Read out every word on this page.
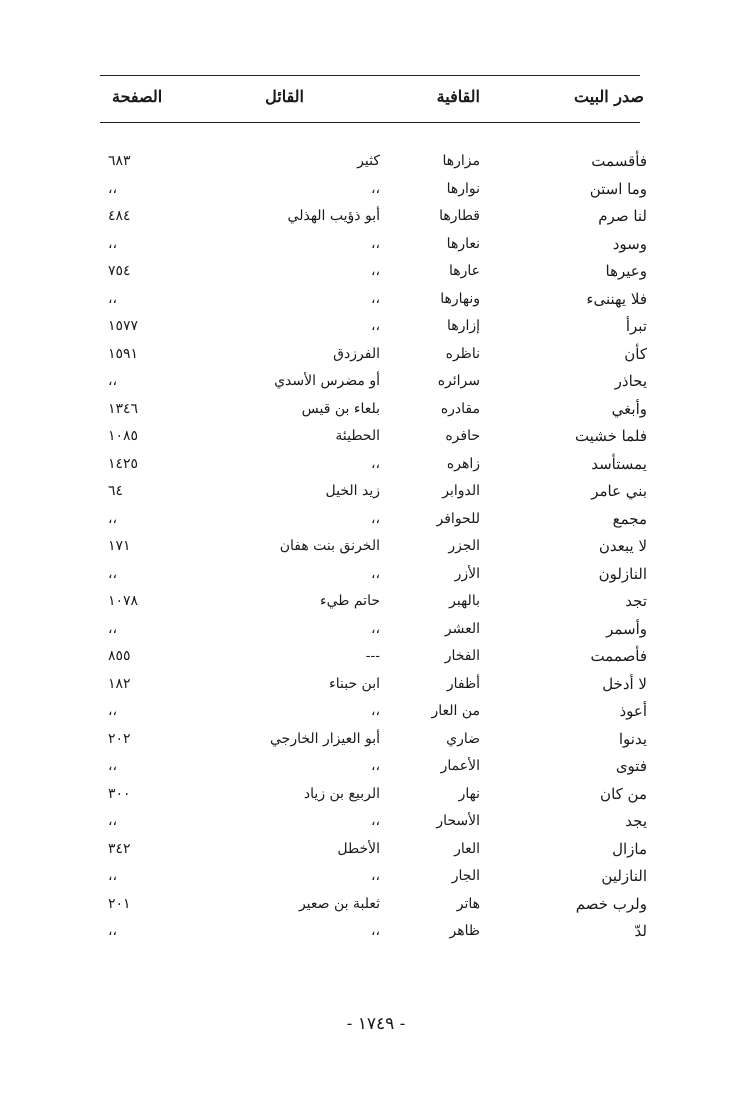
صدر البيت
القافية
القائل
الصفحة
فأقسمت
مزارها
كثير
٦٨٣
وما استن
نوارها
،،
،،
لنا صرم
قطارها
أبو ذؤيب الهذلي
٤٨٤
وسود
نعارها
،،
،،
وعيرها
عارها
،،
٧٥٤
فلا يهننىء
ونهارها
،،
،،
تبرأ
إزارها
،،
١٥٧٧
كأن
ناظره
الفرزدق
١٥٩١
يحاذر
سرائره
أو مضرس الأسدي
،،
وأبغي
مقادره
بلعاء بن قيس
١٣٤٦
فلما خشيت
حافره
الحطيئة
١٠٨٥
يمستأسد
زاهره
،،
١٤٢٥
بني عامر
الدوابر
زيد الخيل
٦٤
مجمع
للحوافر
،،
،،
لا يبعدن
الجزر
الخرنق بنت هفان
١٧١
النازلون
الأزر
،،
،،
تجد
بالهبر
حاتم طيء
١٠٧٨
وأسمر
العشر
،،
،،
فأصممت
الفخار
---
٨٥٥
لا أدخل
أظفار
ابن حبناء
١٨٢
أعوذ
من العار
،،
،،
يدنوا
ضاري
أبو العيزار الخارجي
٢٠٢
فتوى
الأعمار
،،
،،
من كان
نهار
الربيع بن زياد
٣٠٠
يجد
الأسحار
،،
،،
مازال
العار
الأخطل
٣٤٢
النازلين
الجار
،،
،،
ولرب خصم
هاتر
ثعلبة بن صعير
٢٠١
لدّ
ظاهر
،،
،،
- ١٧٤٩ -
